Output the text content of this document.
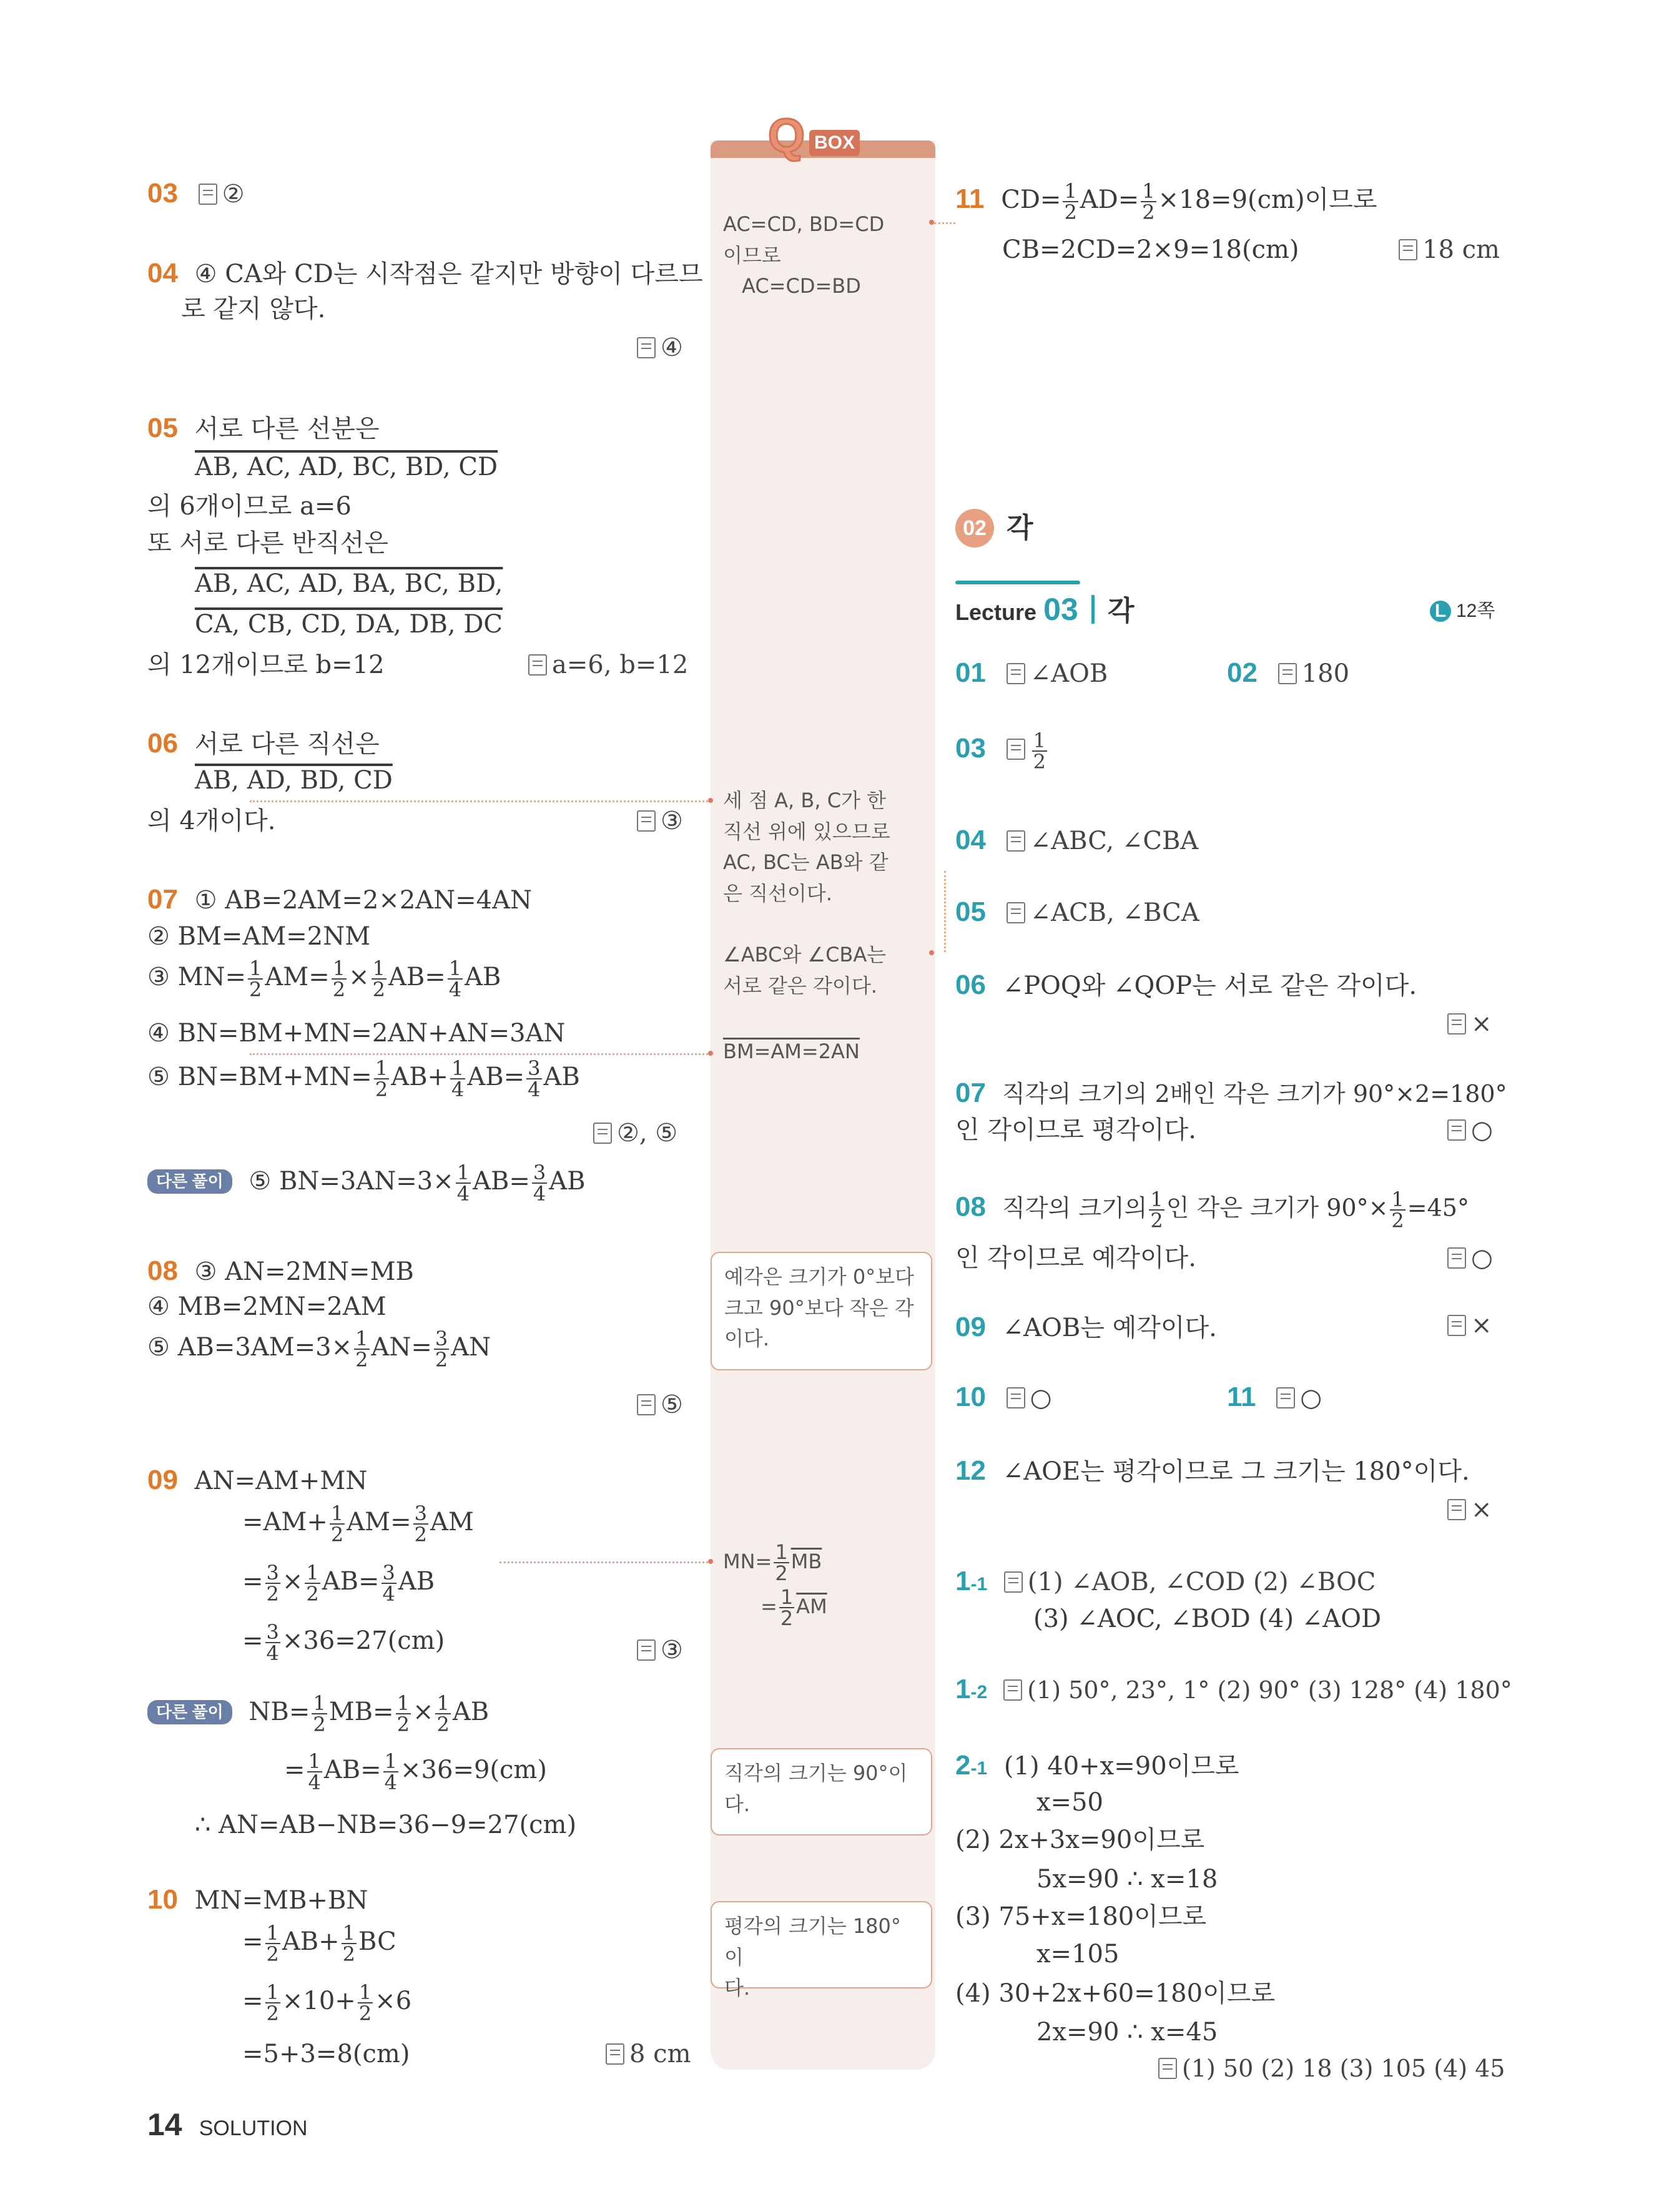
Q BOX
AC=CD, BD=CD
이므로
AC=CD=BD
세 점 A, B, C가 한
직선 위에 있으므로
AC, BC는 AB와 같
은 직선이다.
∠ABC와 ∠CBA는
서로 같은 각이다.
BM=AM=2AN
예각은 크기가 0°보다
크고 90°보다 작은 각
이다.
$MN= \frac{1}{2} \overline{MB}$
= $\frac{1}{2} \overline{AM}$
직각의 크기는 90°이
다.
평각의 크기는 180°이
다.
03 ②
04 ④ CA와 CD는 시작점은 같지만 방향이 다르므
로 같지 않다.
④
05 서로 다른 선분은
AB, AC, AD, BC, BD, CD
의 6개이므로 a=6
또 서로 다른 반직선은
AB, AC, AD, BA, BC, BD,
CA, CB, CD, DA, DB, DC
의 12개이므로 b=12	a=6, b=12
06 서로 다른 직선은
AB, AD, BD, CD
의 4개이다.	③
07 ① AB=2AM=2×2AN=4AN
② BM=AM=2NM
③ $MN= \frac{1}{2} AM= \frac{1}{2} \times \frac{1}{2} AB= \frac{1}{4}$ AB
④ BN=BM+MN=2AN+AN=3AN
⑤ $BN=BM+MN= \frac{1}{2} AB+ \frac{1}{4} AB= \frac{3}{4}$ AB
②, ⑤
다른 풀이 ⑤ $BN=3AN=3\times \frac{1}{4} AB= \frac{3}{4}$ AB
08 ③ AN=2MN=MB
④ MB=2MN=2AM
⑤ $AB=3AM=3\times \frac{1}{2} AN= \frac{3}{2}$ AN
⑤
09 AN=AM+MN
$=AM+ \frac{1}{2} AM= \frac{3}{2}$ AM
= $\frac{3}{2} \times \frac{1}{2} AB= \frac{3}{4}$ AB
= $\frac{3}{4} \times 36=27(cm)$	③
다른 풀이 $NB= \frac{1}{2} MB= \frac{1}{2} \times \frac{1}{2}$ AB
= $\frac{1}{4} AB= \frac{1}{4} \times 36=9(cm)$
∴ AN=AB−NB=36−9=27(cm)
10 MN=MB+BN
= $\frac{1}{2} AB+ \frac{1}{2}$ BC
= $\frac{1}{2} \times 10+ \frac{1}{2} \times 6$
=5+3=8(cm)	8 cm
11 $CD= \frac{1}{2} AD= \frac{1}{2} \times 18=9(cm)$이므로
CB=2CD=2×9=18(cm)	18 cm
02 각
Lecture 03 각	L 12쪽
01 ∠AOB	02 180
$03 \frac{1}{2}$
04 ∠ABC, ∠CBA
05 ∠ACB, ∠BCA
06 ∠POQ와 ∠QOP는 서로 같은 각이다.
×
07 직각의 크기의 2배인 각은 크기가 90°×2=180°
인 각이므로 평각이다.	○
08 직각의 크기의 $\frac{1}{2}$ 인 각은 크기가 $90^\circ\times \frac{1}{2} =45^\circ$
인 각이므로 예각이다.	○
09 ∠AOB는 예각이다.	×
10 ○	11 ○
12 ∠AOE는 평각이므로 그 크기는 180°이다.
×
1-1 (1) ∠AOB, ∠COD (2) ∠BOC
(3) ∠AOC, ∠BOD (4) ∠AOD
1-2 (1) 50°, 23°, 1° (2) 90° (3) 128° (4) 180°
2-1 (1) 40+x=90이므로
x=50
(2) 2x+3x=90이므로
5x=90 ∴ x=18
(3) 75+x=180이므로
x=105
(4) 30+2x+60=180이므로
2x=90 ∴ x=45
(1) 50 (2) 18 (3) 105 (4) 45
14 SOLUTION
